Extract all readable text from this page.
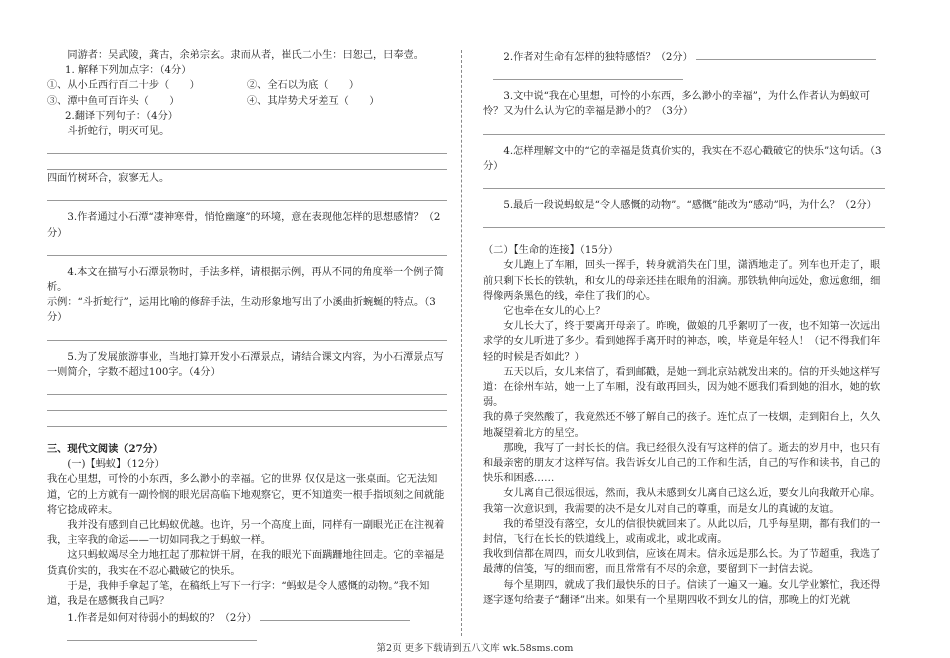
同游者：吴武陵，龚古，余弟宗玄。隶而从者，崔氏二小生：曰恕己，曰奉壹。

1. 解释下列加点字：（4分）

①、从小丘西行百二十步（　　）	②、全石以为底（　　）
③、潭中鱼可百许头（　　）	④、其岸势犬牙差互（　　）

2.翻译下列句子：（4分）

斗折蛇行，明灭可见。

四面竹树环合，寂寥无人。

3.作者通过小石潭“凄神寒骨，悄怆幽邃”的环境，意在表现他怎样的思想感情？（2分）

4.本文在描写小石潭景物时，手法多样，请根据示例，再从不同的角度举一个例子简析。

示例：“斗折蛇行”，运用比喻的修辞手法，生动形象地写出了小溪曲折蜿蜒的特点。（3分）

5.为了发展旅游事业，当地打算开发小石潭景点，请结合课文内容，为小石潭景点写一则简介，字数不超过100字。（4分）

三、现代文阅读（27分）

(一)【蚂蚁】（12分）

我在心里想，可怜的小东西，多么渺小的幸福。它的世界 仅仅是这一张桌面。它无法知道，它的上方就有一副怜悯的眼光居高临下地观察它，更不知道奕一根手指顷刻之间就能将它捻成碎末。

我并没有感到自己比蚂蚁优越。也许，另一个高度上面，同样有一副眼光正在注视着我，主宰我的命运——一切如同我之于蚂蚁一样。

这只蚂蚁竭尽全力地扛起了那粒饼干屑，在我的眼光下面蹒跚地往回走。它的幸福是货真价实的，我实在不忍心戳破它的快乐。

于是，我伸手拿起了笔，在稿纸上写下一行字：“蚂蚁是令人感慨的动物。”我不知道，我是在感慨我自己吗？

1.作者是如何对待弱小的蚂蚁的？（2分）

2.作者对生命有怎样的独特感悟？（2分）

3.文中说“我在心里想，可怜的小东西，多么渺小的幸福”，为什么作者认为蚂蚁可怜？又为什么认为它的幸福是渺小的？（3分）

4.怎样理解文中的“它的幸福是货真价实的，我实在不忍心戳破它的快乐”这句话。（3分）

5.最后一段说蚂蚁是“令人感慨的动物”。“感慨”能改为“感动”吗，为什么？（2分）

（二）【生命的连接】（15分）

女儿跑上了车厢，回头一挥手，转身就消失在门里，潇洒地走了。列车也开走了，眼前只剩下长长的铁轨，和女儿的母亲还挂在眼角的泪滴。那铁轨伸向远处，愈远愈细，细得像两条黑色的线，牵住了我们的心。

它也牵在女儿的心上？

女儿长大了，终于要离开母亲了。昨晚，做娘的几乎絮叨了一夜，也不知第一次远出求学的女儿听进了多少。看到她挥手离开时的神态，唉，毕竟是年轻人！（记不得我们年轻的时候是否如此？）

五天以后，女儿来信了，看到邮戳，是她一到北京站就发出来的。信的开头她这样写道：在徐州车站，她一上了车厢，没有敢再回头，因为她不愿我们看到她的泪水，她的软弱。

我的鼻子突然酸了，我竟然还不够了解自己的孩子。连忙点了一枝烟，走到阳台上，久久地凝望着北方的星空。

那晚，我写了一封长长的信。我已经很久没有写这样的信了。逝去的岁月中，也只有和最亲密的朋友才这样写信。我告诉女儿自己的工作和生活，自己的写作和读书，自己的快乐和困惑……

女儿离自己很远很远，然而，我从未感到女儿离自己这么近，要女儿向我敞开心扉。我第一次意识到，我需要的决不是女儿对自己的尊重，而是女儿的真诚的友谊。

我的希望没有落空，女儿的信很快就回来了。从此以后，几乎每星期，都有我们的一封信，飞行在长长的铁道线上，或南或北，或北或南。

我收到信都在周四，而女儿收到信，应该在周末。信永远是那么长。为了节超重，我选了最薄的信笺，写的细而密，而且常常有不尽的余意，要留到下一封信去说。

每个星期四，就成了我们最快乐的日子。信读了一遍又一遍。女儿学业繁忙，我还得逐字逐句给妻子“翻译”出来。如果有一个星期四收不到女儿的信，那晚上的灯光就

第2页 更多下载请到五八文库 wk.58sms.com
